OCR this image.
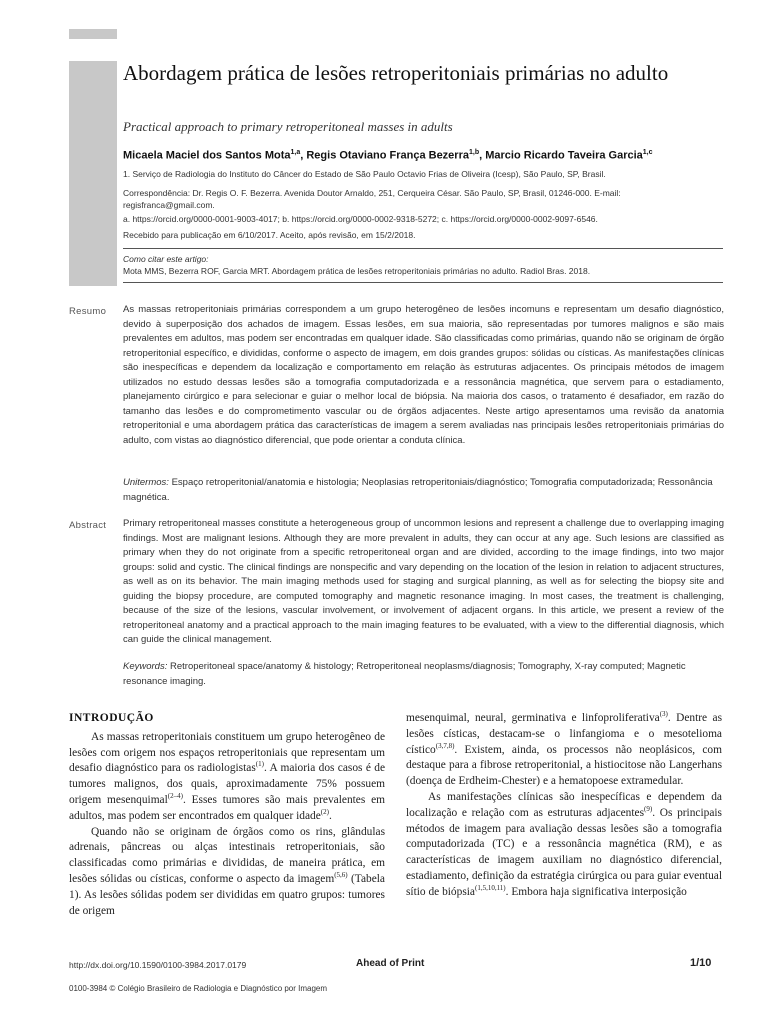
Abordagem prática de lesões retroperitoniais primárias no adulto
Practical approach to primary retroperitoneal masses in adults
Micaela Maciel dos Santos Mota$^{1,a}$, Regis Otaviano França Bezerra$^{1,b}$, Marcio Ricardo Taveira Garcia$^{1,c}$
1. Serviço de Radiologia do Instituto do Câncer do Estado de São Paulo Octavio Frias de Oliveira (Icesp), São Paulo, SP, Brasil.
Correspondência: Dr. Regis O. F. Bezerra. Avenida Doutor Arnaldo, 251, Cerqueira César. São Paulo, SP, Brasil, 01246-000. E-mail:
regisfranca@gmail.com.
a. https://orcid.org/0000-0001-9003-4017; b. https://orcid.org/0000-0002-9318-5272; c. https://orcid.org/0000-0002-9097-6546.
Recebido para publicação em 6/10/2017. Aceito, após revisão, em 15/2/2018.
Como citar este artigo:
Mota MMS, Bezerra ROF, Garcia MRT. Abordagem prática de lesões retroperitoniais primárias no adulto. Radiol Bras. 2018.
Resumo As massas retroperitoniais primárias correspondem a um grupo heterogêneo de lesões incomuns e representam um desafio diagnóstico, devido à superposição dos achados de imagem. Essas lesões, em sua maioria, são representadas por tumores malignos e são mais prevalentes em adultos, mas podem ser encontradas em qualquer idade. São classificadas como primárias, quando não se originam de órgão retroperitonial específico, e divididas, conforme o aspecto de imagem, em dois grandes grupos: sólidas ou císticas. As manifestações clínicas são inespecíficas e dependem da localização e comportamento em relação às estruturas adjacentes. Os principais métodos de imagem utilizados no estudo dessas lesões são a tomografia computadorizada e a ressonância magnética, que servem para o estadiamento, planejamento cirúrgico e para selecionar e guiar o melhor local de biópsia. Na maioria dos casos, o tratamento é desafiador, em razão do tamanho das lesões e do comprometimento vascular ou de órgãos adjacentes. Neste artigo apresentamos uma revisão da anatomia retroperitonial e uma abordagem prática das características de imagem a serem avaliadas nas principais lesões retroperitoniais primárias do adulto, com vistas ao diagnóstico diferencial, que pode orientar a conduta clínica.
Unitermos: Espaço retroperitonial/anatomia e histologia; Neoplasias retroperitoniais/diagnóstico; Tomografia computadorizada; Ressonância magnética.
Abstract Primary retroperitoneal masses constitute a heterogeneous group of uncommon lesions and represent a challenge due to overlapping imaging findings. Most are malignant lesions. Although they are more prevalent in adults, they can occur at any age. Such lesions are classified as primary when they do not originate from a specific retroperitoneal organ and are divided, according to the image findings, into two major groups: solid and cystic. The clinical findings are nonspecific and vary depending on the location of the lesion in relation to adjacent structures, as well as on its behavior. The main imaging methods used for staging and surgical planning, as well as for selecting the biopsy site and guiding the biopsy procedure, are computed tomography and magnetic resonance imaging. In most cases, the treatment is challenging, because of the size of the lesions, vascular involvement, or involvement of adjacent organs. In this article, we present a review of the retroperitoneal anatomy and a practical approach to the main imaging features to be evaluated, with a view to the differential diagnosis, which can guide the clinical management.
Keywords: Retroperitoneal space/anatomy & histology; Retroperitoneal neoplasms/diagnosis; Tomography, X-ray computed; Magnetic resonance imaging.
INTRODUÇÃO

As massas retroperitoniais constituem um grupo heterogêneo de lesões com origem nos espaços retroperitoniais que representam um desafio diagnóstico para os radiologistas$^{(1)}$. A maioria dos casos é de tumores malignos, dos quais, aproximadamente 75% possuem origem mesenquimal$^{(2-4)}$. Esses tumores são mais prevalentes em adultos, mas podem ser encontrados em qualquer idade$^{(2)}$.

Quando não se originam de órgãos como os rins, glândulas adrenais, pâncreas ou alças intestinais retroperitoniais, são classificadas como primárias e divididas, de maneira prática, em lesões sólidas ou císticas, conforme o aspecto da imagem$^{(5,6)}$ (Tabela 1). As lesões sólidas podem ser divididas em quatro grupos: tumores de origem

mesenquimal, neural, germinativa e linfoproliferativa$^{(3)}$. Dentre as lesões císticas, destacam-se o linfangioma e o mesotelioma cístico$^{(3,7,8)}$. Existem, ainda, os processos não neoplásicos, com destaque para a fibrose retroperitonial, a histiocitose não Langerhans (doença de Erdheim-Chester) e a hematopoese extramedular.

As manifestações clínicas são inespecíficas e dependem da localização e relação com as estruturas adjacentes$^{(9)}$. Os principais métodos de imagem para avaliação dessas lesões são a tomografia computadorizada (TC) e a ressonância magnética (RM), e as características de imagem auxiliam no diagnóstico diferencial, estadiamento, definição da estratégia cirúrgica ou para guiar eventual sítio de biópsia$^{(1,5,10,11)}$. Embora haja significativa interposição

http://dx.doi.org/10.1590/0100-3984.2017.0179	Ahead of Print	1/10
0100-3984 © Colégio Brasileiro de Radiologia e Diagnóstico por Imagem
